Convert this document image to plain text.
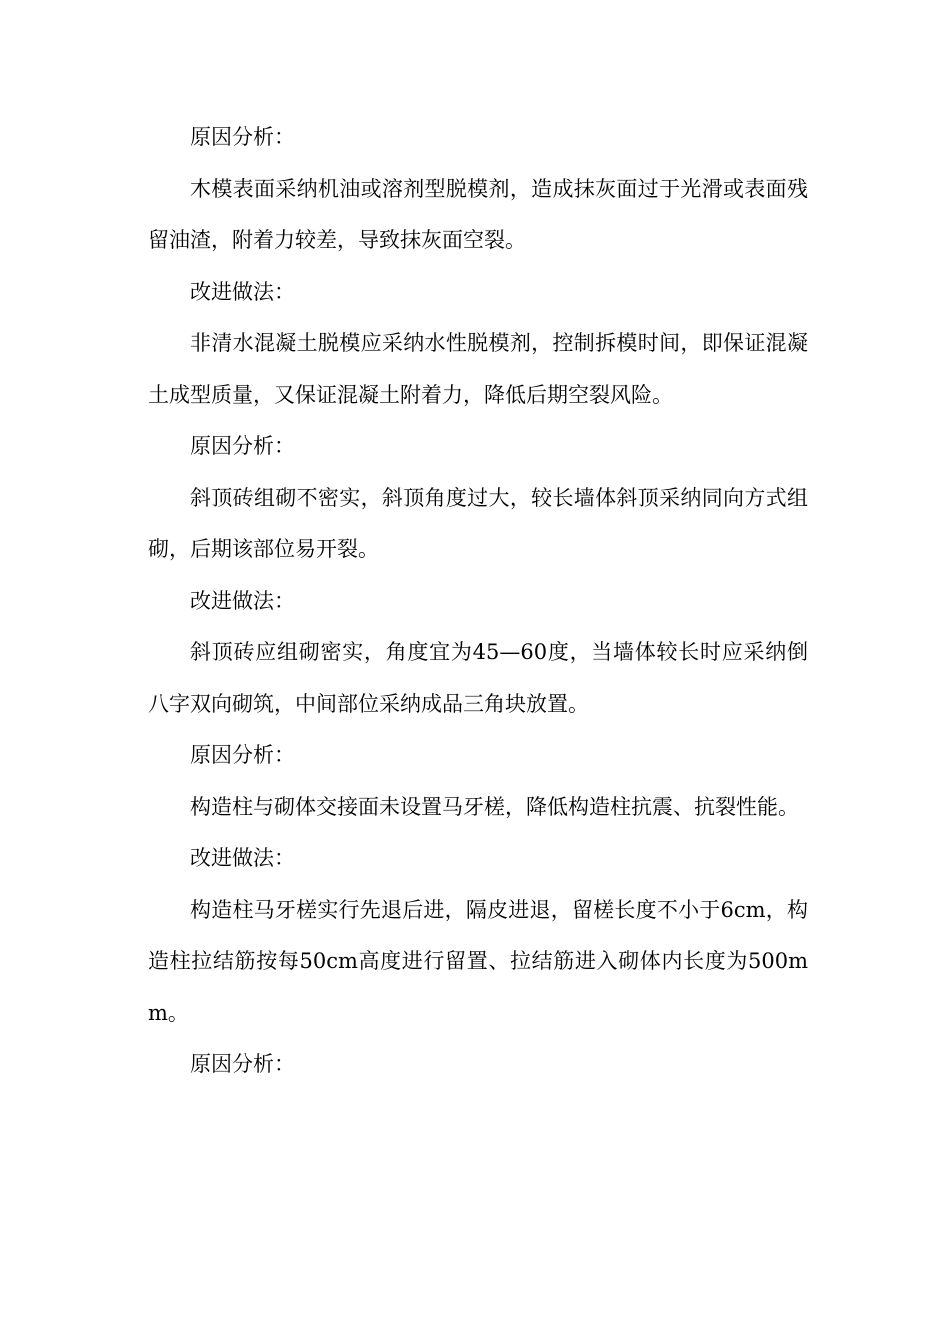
原因分析：

木模表面采纳机油或溶剂型脱模剂，造成抹灰面过于光滑或表面残留油渣，附着力较差，导致抹灰面空裂。

改进做法：

非清水混凝土脱模应采纳水性脱模剂，控制拆模时间，即保证混凝土成型质量，又保证混凝土附着力，降低后期空裂风险。

原因分析：

斜顶砖组砌不密实，斜顶角度过大，较长墙体斜顶采纳同向方式组砌，后期该部位易开裂。

改进做法：

斜顶砖应组砌密实，角度宜为45—60度，当墙体较长时应采纳倒八字双向砌筑，中间部位采纳成品三角块放置。

原因分析：

构造柱与砌体交接面未设置马牙槎，降低构造柱抗震、抗裂性能。

改进做法：

构造柱马牙槎实行先退后进，隔皮进退，留槎长度不小于6cm，构造柱拉结筋按每50cm高度进行留置、拉结筋进入砌体内长度为500mm。

原因分析：
